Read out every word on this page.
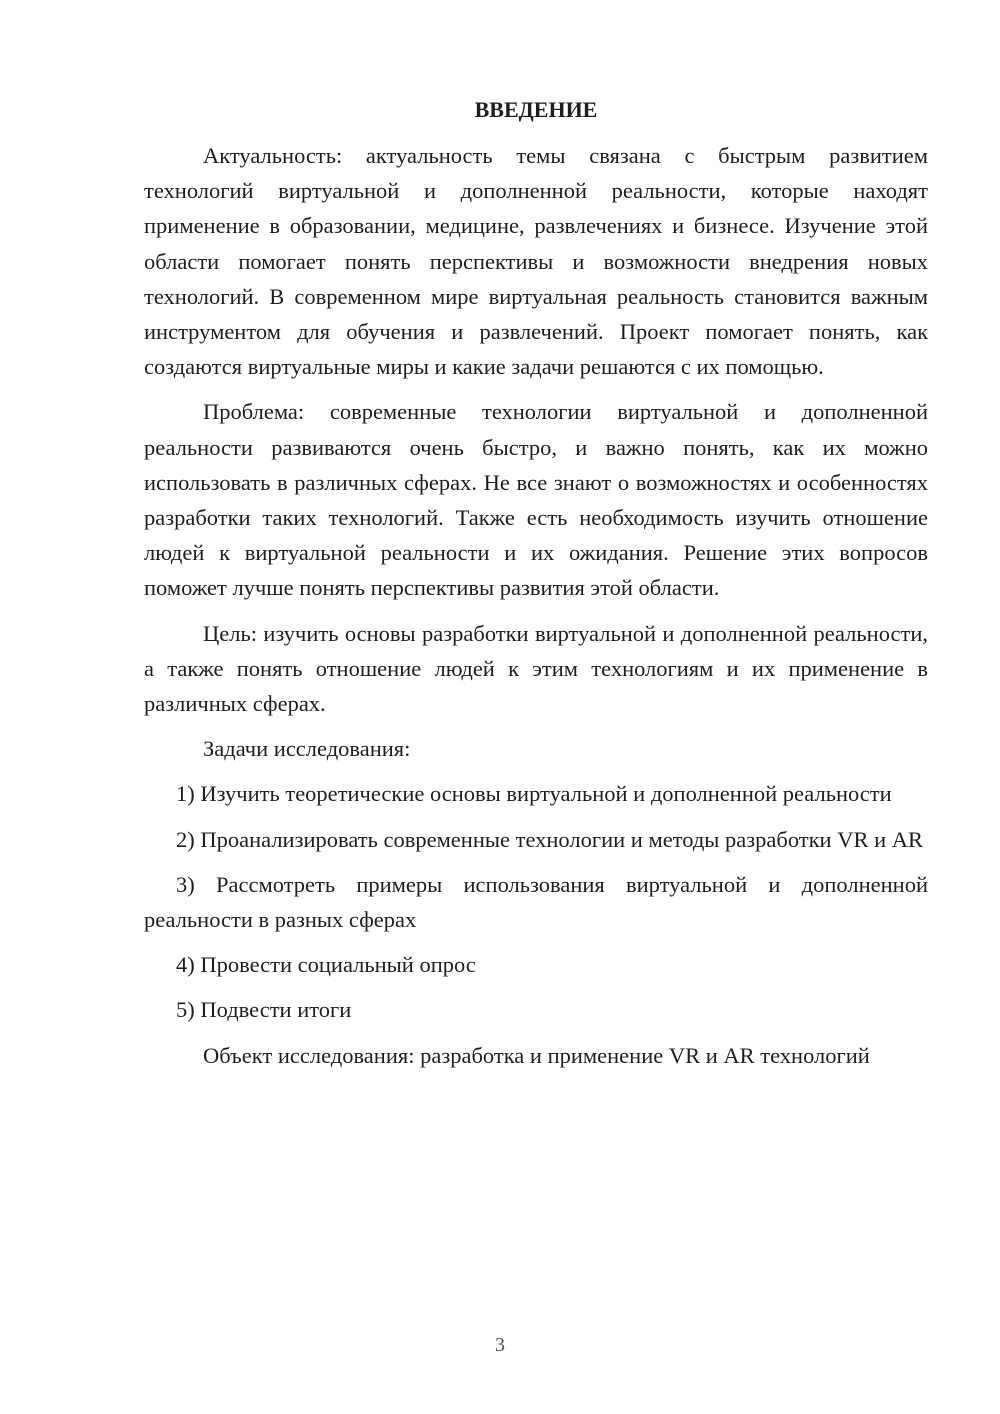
ВВЕДЕНИЕ

Актуальность: актуальность темы связана с быстрым развитием технологий виртуальной и дополненной реальности, которые находят применение в образовании, медицине, развлечениях и бизнесе. Изучение этой области помогает понять перспективы и возможности внедрения новых технологий. В современном мире виртуальная реальность становится важным инструментом для обучения и развлечений. Проект помогает понять, как создаются виртуальные миры и какие задачи решаются с их помощью.

Проблема: современные технологии виртуальной и дополненной реальности развиваются очень быстро, и важно понять, как их можно использовать в различных сферах. Не все знают о возможностях и особенностях разработки таких технологий. Также есть необходимость изучить отношение людей к виртуальной реальности и их ожидания. Решение этих вопросов поможет лучше понять перспективы развития этой области.

Цель: изучить основы разработки виртуальной и дополненной реальности, а также понять отношение людей к этим технологиям и их применение в различных сферах.

Задачи исследования:

1) Изучить теоретические основы виртуальной и дополненной реальности

2) Проанализировать современные технологии и методы разработки VR и AR

3) Рассмотреть примеры использования виртуальной и дополненной реальности в разных сферах

4) Провести социальный опрос

5) Подвести итоги

Объект исследования: разработка и применение VR и AR технологий

3
